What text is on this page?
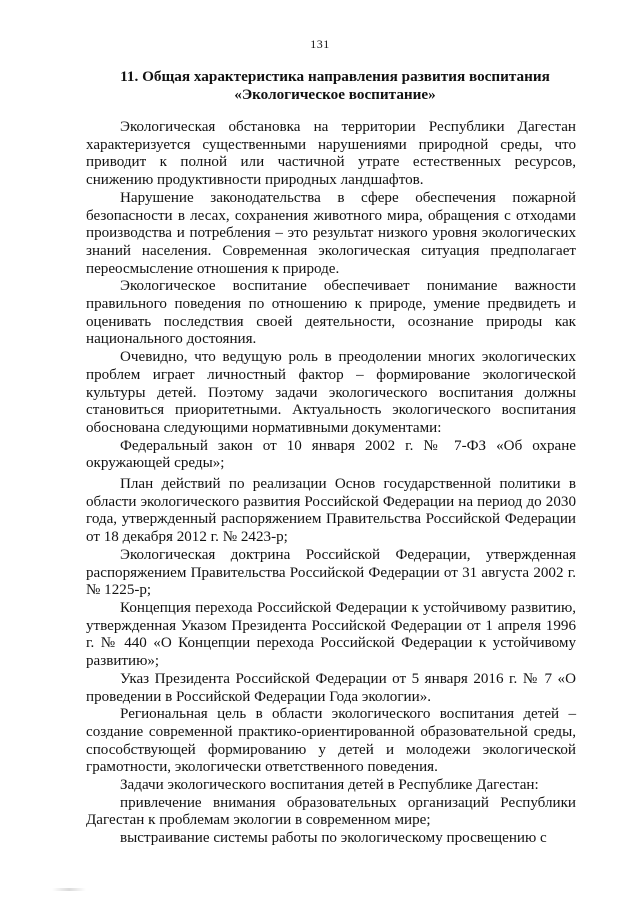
131
11. Общая характеристика направления развития воспитания
«Экологическое воспитание»

Экологическая обстановка на территории Республики Дагестан характеризуется существенными нарушениями природной среды, что приводит к полной или частичной утрате естественных ресурсов, снижению продуктивности природных ландшафтов.

Нарушение законодательства в сфере обеспечения пожарной безопасности в лесах, сохранения животного мира, обращения с отходами производства и потребления – это результат низкого уровня экологических знаний населения. Современная экологическая ситуация предполагает переосмысление отношения к природе.

Экологическое воспитание обеспечивает понимание важности правильного поведения по отношению к природе, умение предвидеть и оценивать последствия своей деятельности, осознание природы как национального достояния.

Очевидно, что ведущую роль в преодолении многих экологических проблем играет личностный фактор – формирование экологической культуры детей. Поэтому задачи экологического воспитания должны становиться приоритетными. Актуальность экологического воспитания обоснована следующими нормативными документами:

Федеральный закон от 10 января 2002 г. № 7-ФЗ «Об охране окружающей среды»;

План действий по реализации Основ государственной политики в области экологического развития Российской Федерации на период до 2030 года, утвержденный распоряжением Правительства Российской Федерации от 18 декабря 2012 г. № 2423-р;

Экологическая доктрина Российской Федерации, утвержденная распоряжением Правительства Российской Федерации от 31 августа 2002 г. № 1225-р;

Концепция перехода Российской Федерации к устойчивому развитию, утвержденная Указом Президента Российской Федерации от 1 апреля 1996 г. № 440 «О Концепции перехода Российской Федерации к устойчивому развитию»;

Указ Президента Российской Федерации от 5 января 2016 г. № 7 «О проведении в Российской Федерации Года экологии».

Региональная цель в области экологического воспитания детей – создание современной практико-ориентированной образовательной среды, способствующей формированию у детей и молодежи экологической грамотности, экологически ответственного поведения.

Задачи экологического воспитания детей в Республике Дагестан:

привлечение внимания образовательных организаций Республики Дагестан к проблемам экологии в современном мире;

выстраивание системы работы по экологическому просвещению с
